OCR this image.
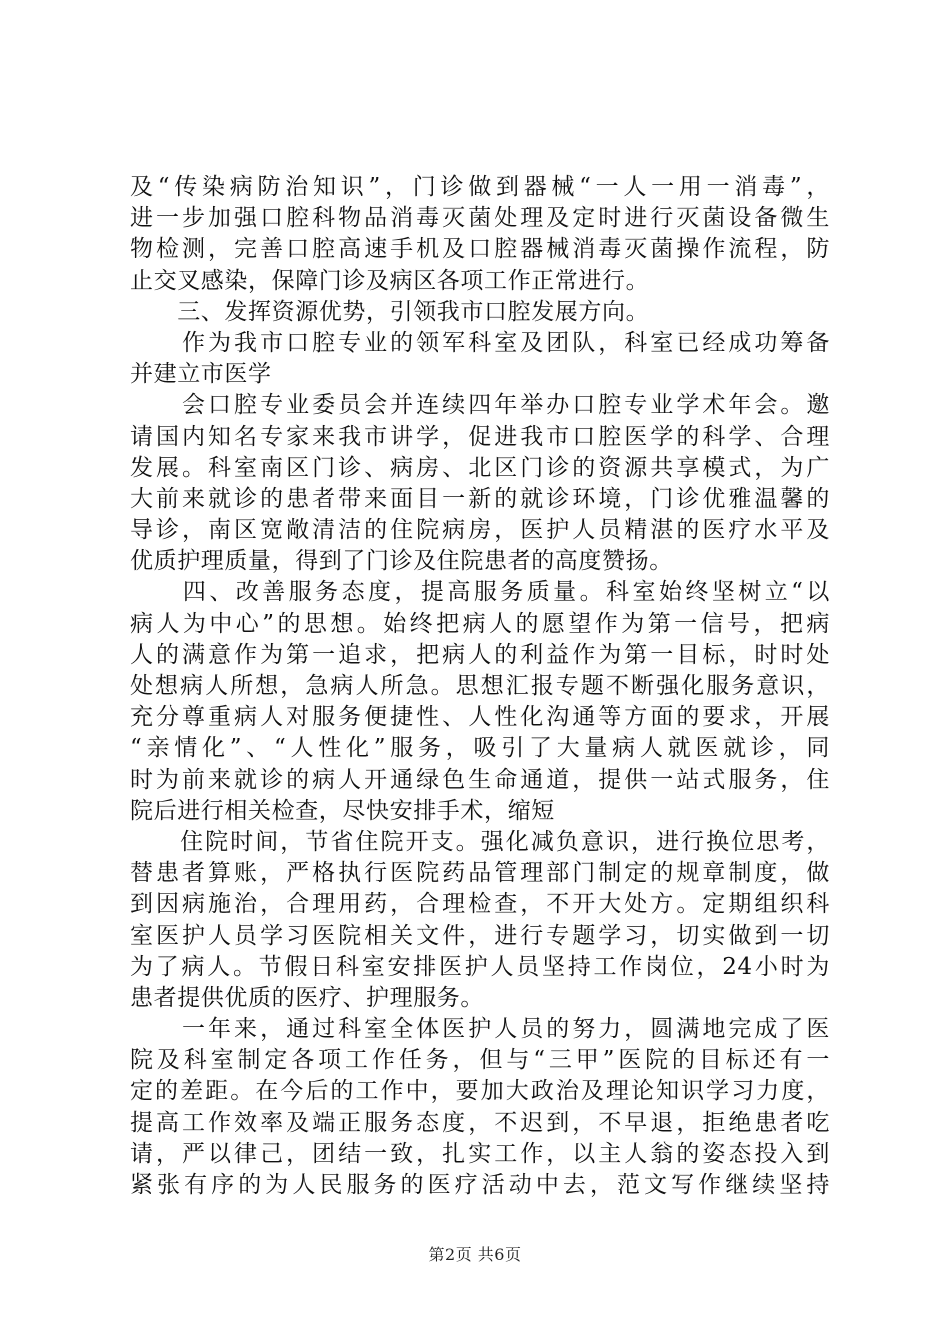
及“传染病防治知识”，门诊做到器械“一人一用一消毒”，
进一步加强口腔科物品消毒灭菌处理及定时进行灭菌设备微生
物检测，完善口腔高速手机及口腔器械消毒灭菌操作流程，防
止交叉感染，保障门诊及病区各项工作正常进行。
　　三、发挥资源优势，引领我市口腔发展方向。
　　作为我市口腔专业的领军科室及团队，科室已经成功筹备
并建立市医学
　　会口腔专业委员会并连续四年举办口腔专业学术年会。邀
请国内知名专家来我市讲学，促进我市口腔医学的科学、合理
发展。科室南区门诊、病房、北区门诊的资源共享模式，为广
大前来就诊的患者带来面目一新的就诊环境，门诊优雅温馨的
导诊，南区宽敞清洁的住院病房，医护人员精湛的医疗水平及
优质护理质量，得到了门诊及住院患者的高度赞扬。
　　四、改善服务态度，提高服务质量。科室始终坚树立“以
病人为中心”的思想。始终把病人的愿望作为第一信号，把病
人的满意作为第一追求，把病人的利益作为第一目标，时时处
处想病人所想，急病人所急。思想汇报专题不断强化服务意识，
充分尊重病人对服务便捷性、人性化沟通等方面的要求，开展
“亲情化”、“人性化”服务，吸引了大量病人就医就诊，同
时为前来就诊的病人开通绿色生命通道，提供一站式服务，住
院后进行相关检查，尽快安排手术，缩短
　　住院时间，节省住院开支。强化减负意识，进行换位思考，
替患者算账，严格执行医院药品管理部门制定的规章制度，做
到因病施治，合理用药，合理检查，不开大处方。定期组织科
室医护人员学习医院相关文件，进行专题学习，切实做到一切
为了病人。节假日科室安排医护人员坚持工作岗位，24小时为
患者提供优质的医疗、护理服务。
　　一年来，通过科室全体医护人员的努力，圆满地完成了医
院及科室制定各项工作任务，但与“三甲”医院的目标还有一
定的差距。在今后的工作中，要加大政治及理论知识学习力度，
提高工作效率及端正服务态度，不迟到，不早退，拒绝患者吃
请，严以律己，团结一致，扎实工作，以主人翁的姿态投入到
紧张有序的为人民服务的医疗活动中去，范文写作继续坚持
第2页 共6页
